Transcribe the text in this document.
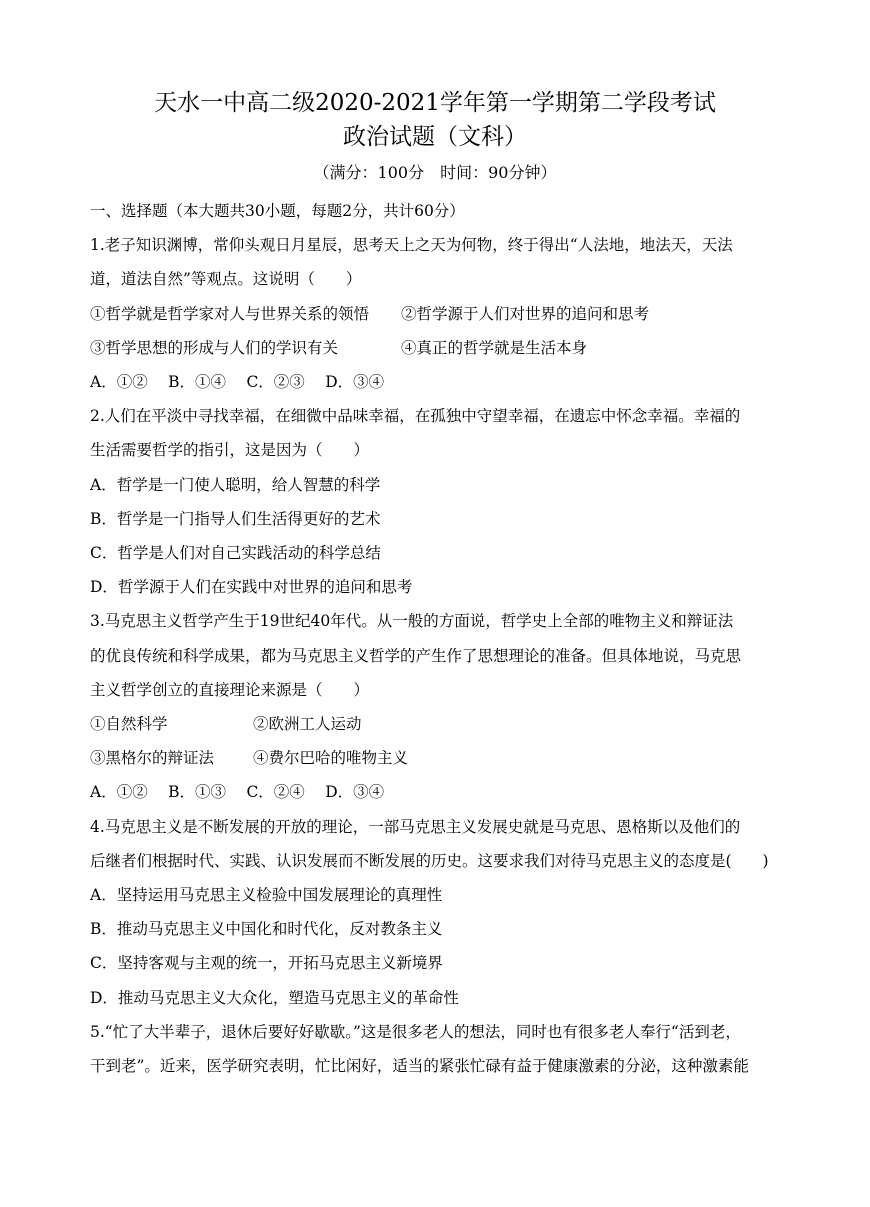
天水一中高二级2020-2021学年第一学期第二学段考试
政治试题（文科）
（满分：100分　时间：90分钟）
一、选择题（本大题共30小题，每题2分，共计60分）
1.老子知识渊博，常仰头观日月星辰，思考天上之天为何物，终于得出“人法地，地法天，天法
道，道法自然”等观点。这说明（　　）
①哲学就是哲学家对人与世界关系的领悟 ②哲学源于人们对世界的追问和思考
③哲学思想的形成与人们的学识有关	④真正的哲学就是生活本身
A．①②　 B．①④　 C．②③　 D．③④
2.人们在平淡中寻找幸福，在细微中品味幸福，在孤独中守望幸福，在遗忘中怀念幸福。幸福的
生活需要哲学的指引，这是因为（　　）
A．哲学是一门使人聪明，给人智慧的科学
B．哲学是一门指导人们生活得更好的艺术
C．哲学是人们对自己实践活动的科学总结
D．哲学源于人们在实践中对世界的追问和思考
3.马克思主义哲学产生于19世纪40年代。从一般的方面说，哲学史上全部的唯物主义和辩证法
的优良传统和科学成果，都为马克思主义哲学的产生作了思想理论的准备。但具体地说，马克思
主义哲学创立的直接理论来源是（　　）
①自然科学	②欧洲工人运动
③黑格尔的辩证法	④费尔巴哈的唯物主义
A．①②　 B．①③　 C．②④　 D．③④
4.马克思主义是不断发展的开放的理论，一部马克思主义发展史就是马克思、恩格斯以及他们的
后继者们根据时代、实践、认识发展而不断发展的历史。这要求我们对待马克思主义的态度是(　　)
A．坚持运用马克思主义检验中国发展理论的真理性
B．推动马克思主义中国化和时代化，反对教条主义
C．坚持客观与主观的统一，开拓马克思主义新境界
D．推动马克思主义大众化，塑造马克思主义的革命性
5.“忙了大半辈子，退休后要好好歇歇。”这是很多老人的想法，同时也有很多老人奉行“活到老，
干到老”。近来，医学研究表明，忙比闲好，适当的紧张忙碌有益于健康激素的分泌，这种激素能
